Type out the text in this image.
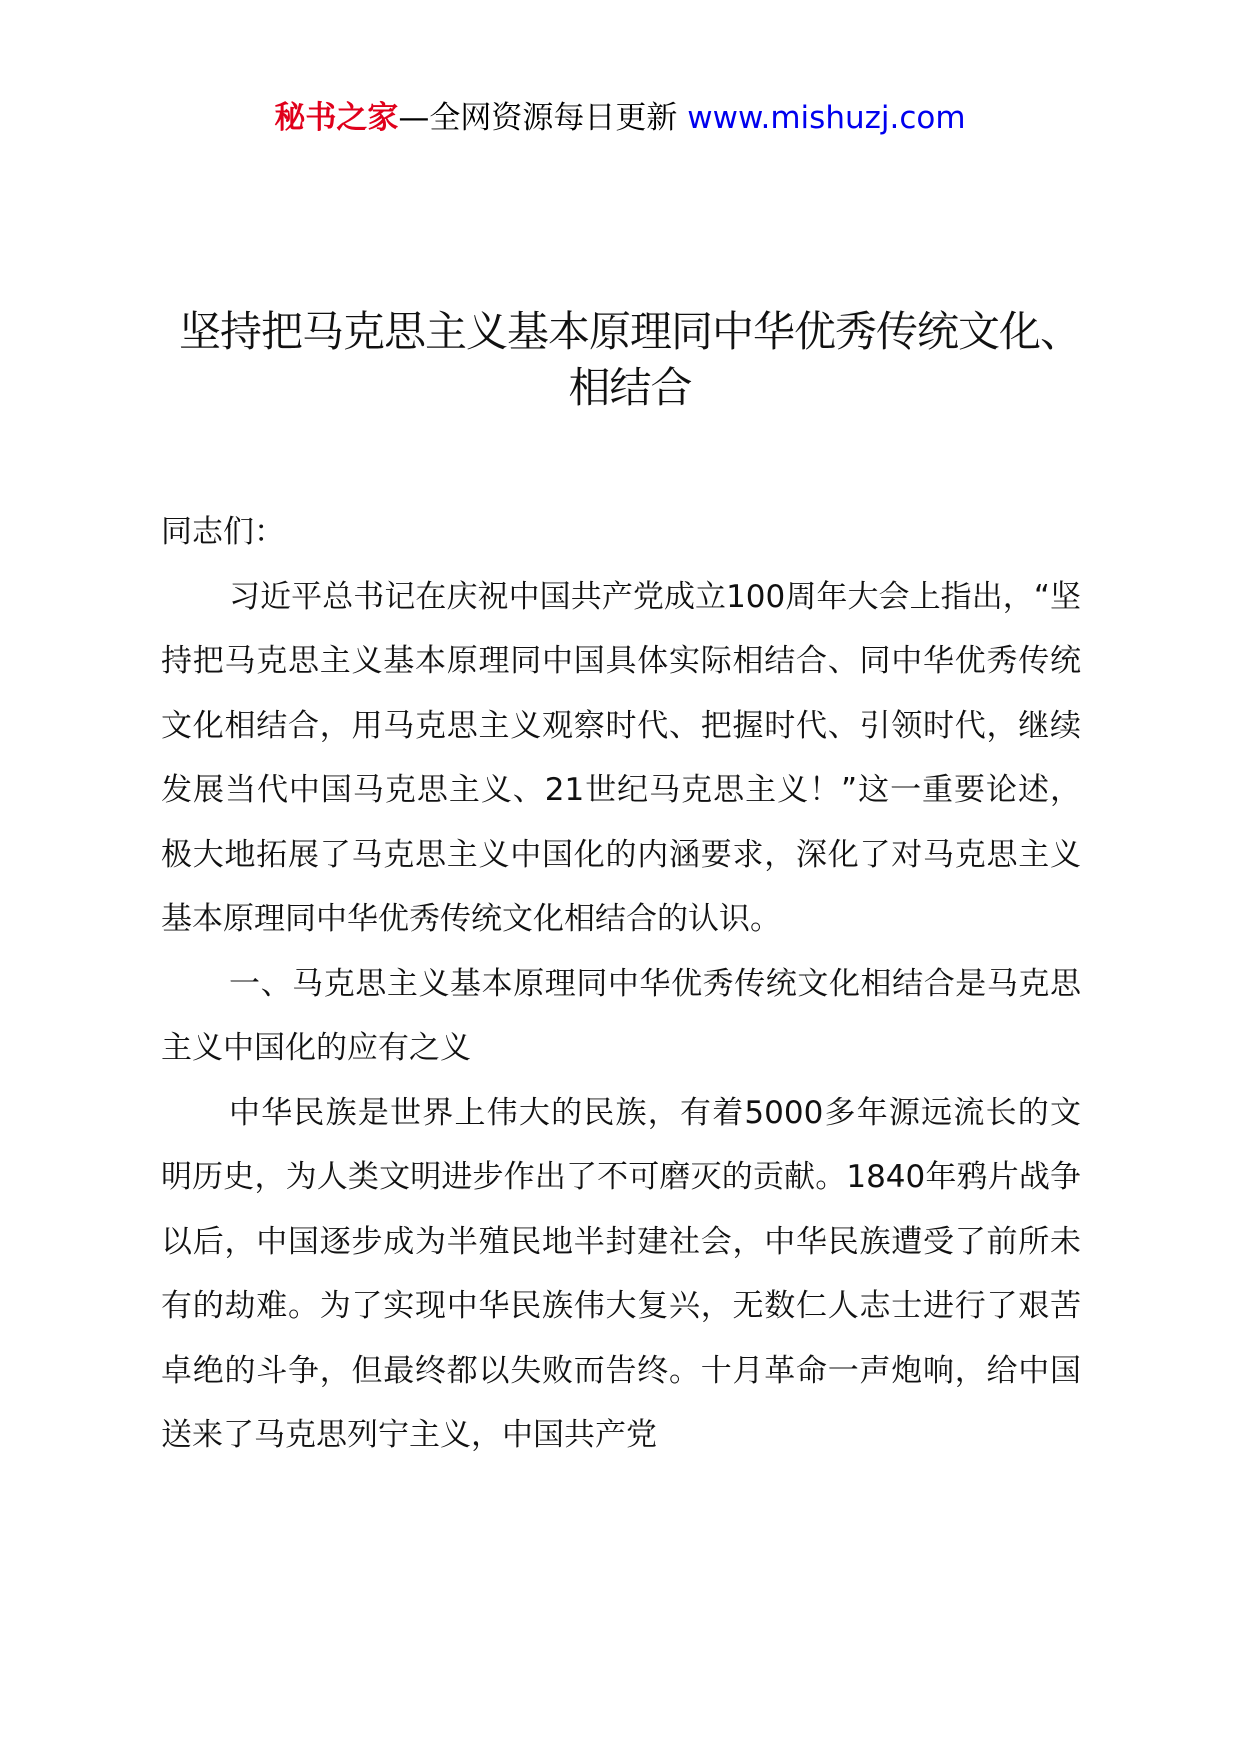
秘书之家—全网资源每日更新 www.mishuzj.com
坚持把马克思主义基本原理同中华优秀传统文化、
相结合

同志们：

习近平总书记在庆祝中国共产党成立100周年大会上指出，“坚持把马克思主义基本原理同中国具体实际相结合、同中华优秀传统文化相结合，用马克思主义观察时代、把握时代、引领时代，继续发展当代中国马克思主义、21世纪马克思主义！”这一重要论述，极大地拓展了马克思主义中国化的内涵要求，深化了对马克思主义基本原理同中华优秀传统文化相结合的认识。

一、马克思主义基本原理同中华优秀传统文化相结合是马克思主义中国化的应有之义

中华民族是世界上伟大的民族，有着5000多年源远流长的文明历史，为人类文明进步作出了不可磨灭的贡献。1840年鸦片战争以后，中国逐步成为半殖民地半封建社会，中华民族遭受了前所未有的劫难。为了实现中华民族伟大复兴，无数仁人志士进行了艰苦卓绝的斗争，但最终都以失败而告终。十月革命一声炮响，给中国送来了马克思列宁主义，中国共产党
